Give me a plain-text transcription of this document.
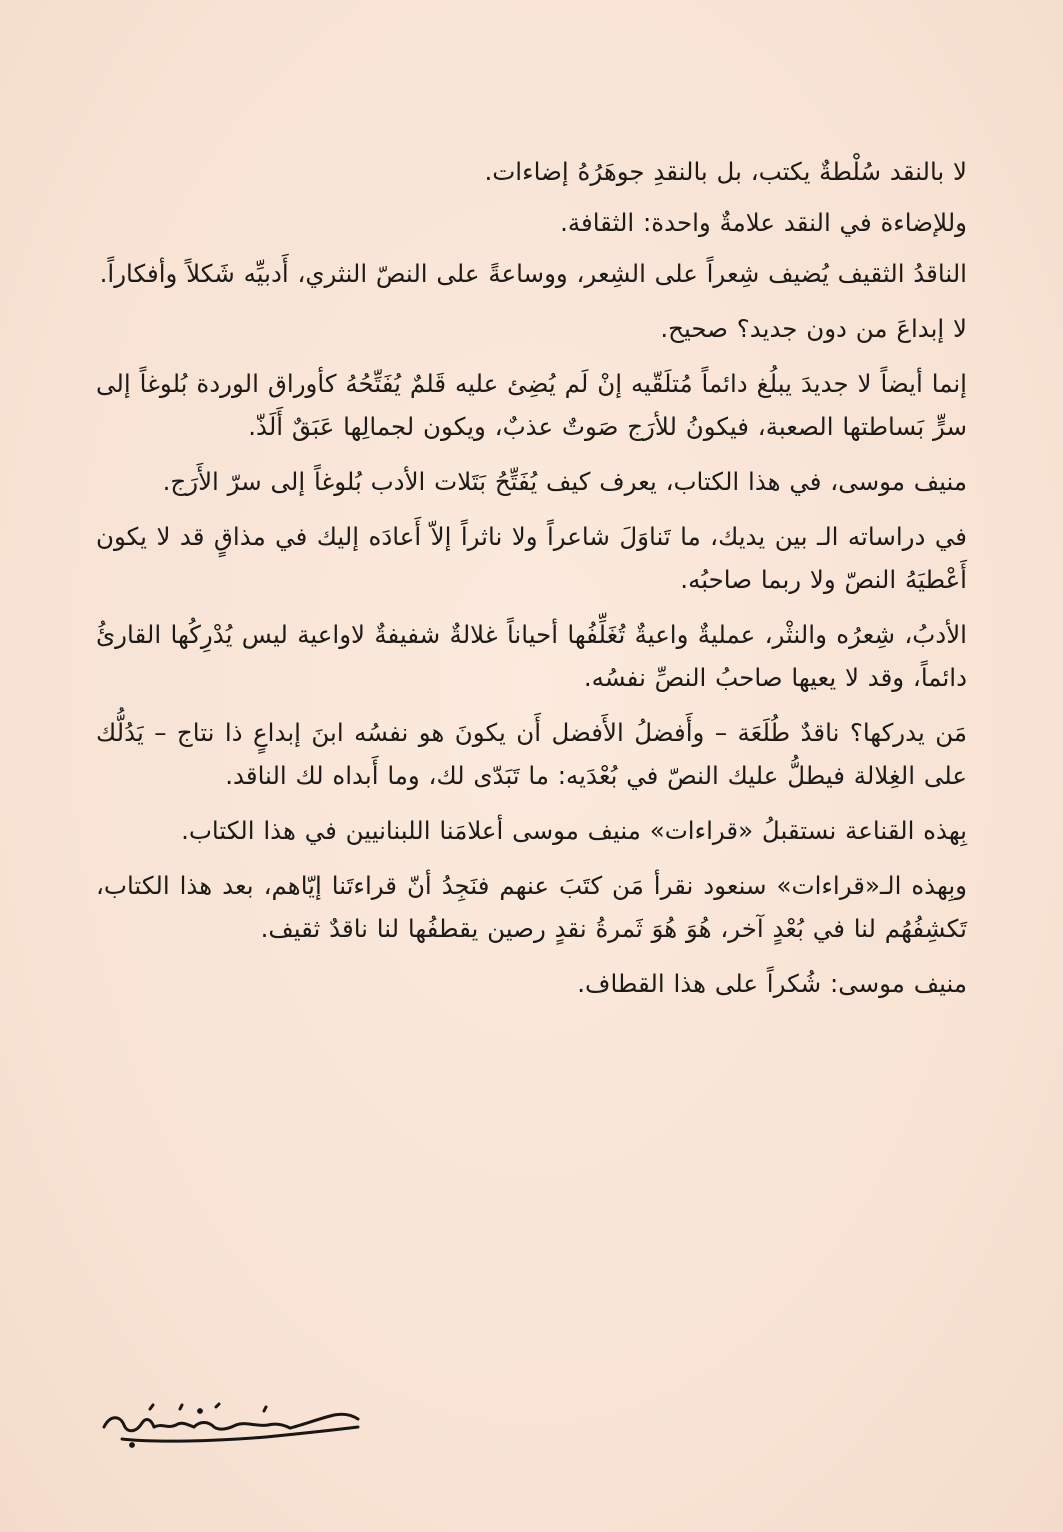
لا بالنقد سُلْطةٌ يكتب، بل بالنقدِ جوهَرُهُ إضاءات.

وللإضاءة في النقد علامةٌ واحدة: الثقافة.

الناقدُ الثقيف يُضيف شِعراً على الشِعر، ووساعةً على النصّ النثري، أَدبيِّه شَكلاً وأفكاراً.

لا إبداعَ من دون جديد؟ صحيح.

إنما أيضاً لا جديدَ يبلُغ دائماً مُتلَقّيه إنْ لَم يُضِئ عليه قَلمٌ يُفَتِّحُهُ كأوراق الوردة بُلوغاً إلى سرٍّ بَساطتها الصعبة، فيكونُ للأرَج صَوتٌ عذبٌ، ويكون لجمالِها عَبَقٌ أَلَذّ.

منيف موسى، في هذا الكتاب، يعرف كيف يُفَتِّحُ بَتَلات الأدب بُلوغاً إلى سرّ الأَرَج.

في دراساته الـ بين يديك، ما تَناوَلَ شاعراً ولا ناثراً إلاّ أَعادَه إليك في مذاقٍ قد لا يكون أَعْطيَهُ النصّ ولا ربما صاحبُه.

الأدبُ، شِعرُه والنثْر، عمليةٌ واعيةٌ تُغَلِّفُها أحياناً غلالةٌ شفيفةٌ لاواعية ليس يُدْرِكُها القارئُ دائماً، وقد لا يعيها صاحبُ النصِّ نفسُه.

مَن يدركها؟ ناقدٌ طُلَعَة – وأَفضلُ الأَفضل أَن يكونَ هو نفسُه ابنَ إبداعٍ ذا نتاج – يَدُلُّك على الغِلالة فيطلُّ عليك النصّ في بُعْدَيه: ما تَبَدّى لك، وما أَبداه لك الناقد.

بِهذه القناعة نستقبلُ «قراءات» منيف موسى أعلامَنا اللبنانيين في هذا الكتاب.

وبِهذه الـ«قراءات» سنعود نقرأ مَن كتَبَ عنهم فنَجِدُ أنّ قراءتَنا إيّاهم، بعد هذا الكتاب، تَكشِفُهُم لنا في بُعْدٍ آخر، هُوَ هُوَ ثَمرةُ نقدٍ رصين يقطفُها لنا ناقدٌ ثقيف.

منيف موسى: شُكراً على هذا القطاف.
